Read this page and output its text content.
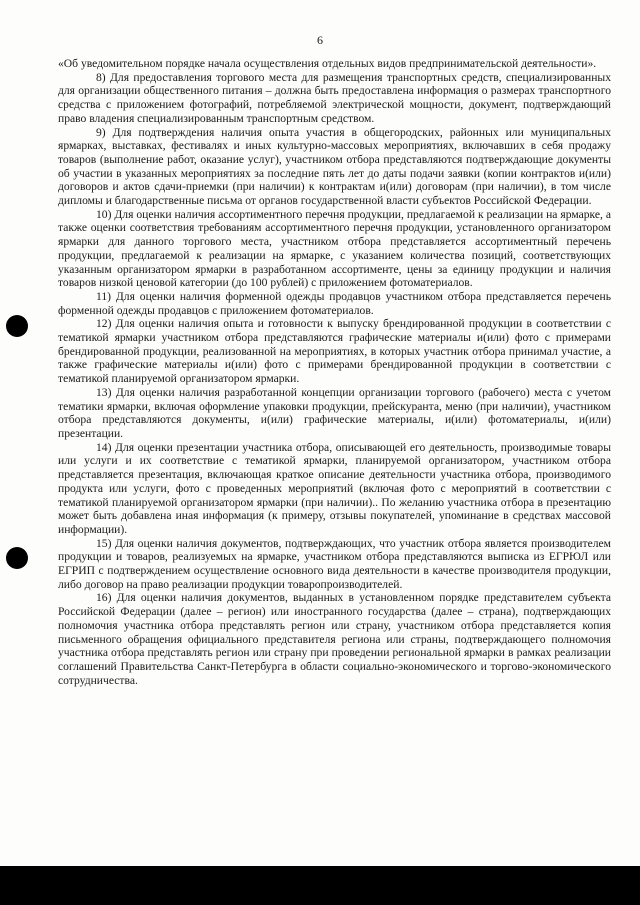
6

«Об уведомительном порядке начала осуществления отдельных видов предпринимательской деятельности».

8) Для предоставления торгового места для размещения транспортных средств, специализированных для организации общественного питания – должна быть предоставлена информация о размерах транспортного средства с приложением фотографий, потребляемой электрической мощности, документ, подтверждающий право владения специализированным транспортным средством.

9) Для подтверждения наличия опыта участия в общегородских, районных или муниципальных ярмарках, выставках, фестивалях и иных культурно-массовых мероприятиях, включавших в себя продажу товаров (выполнение работ, оказание услуг), участником отбора представляются подтверждающие документы об участии в указанных мероприятиях за последние пять лет до даты подачи заявки (копии контрактов и(или) договоров и актов сдачи-приемки (при наличии) к контрактам и(или) договорам (при наличии), в том числе дипломы и благодарственные письма от органов государственной власти субъектов Российской Федерации.

10) Для оценки наличия ассортиментного перечня продукции, предлагаемой к реализации на ярмарке, а также оценки соответствия требованиям ассортиментного перечня продукции, установленного организатором ярмарки для данного торгового места, участником отбора представляется ассортиментный перечень продукции, предлагаемой к реализации на ярмарке, с указанием количества позиций, соответствующих указанным организатором ярмарки в разработанном ассортименте, цены за единицу продукции и наличия товаров низкой ценовой категории (до 100 рублей) с приложением фотоматериалов.

11) Для оценки наличия форменной одежды продавцов участником отбора представляется перечень форменной одежды продавцов с приложением фотоматериалов.

12) Для оценки наличия опыта и готовности к выпуску брендированной продукции в соответствии с тематикой ярмарки участником отбора представляются графические материалы и(или) фото с примерами брендированной продукции, реализованной на мероприятиях, в которых участник отбора принимал участие, а также графические материалы и(или) фото с примерами брендированной продукции в соответствии с тематикой планируемой организатором ярмарки.

13) Для оценки наличия разработанной концепции организации торгового (рабочего) места с учетом тематики ярмарки, включая оформление упаковки продукции, прейскуранта, меню (при наличии), участником отбора представляются документы, и(или) графические материалы, и(или) фотоматериалы, и(или) презентации.

14) Для оценки презентации участника отбора, описывающей его деятельность, производимые товары или услуги и их соответствие с тематикой ярмарки, планируемой организатором, участником отбора представляется презентация, включающая краткое описание деятельности участника отбора, производимого продукта или услуги, фото с проведенных мероприятий (включая фото с мероприятий в соответствии с тематикой планируемой организатором ярмарки (при наличии).. По желанию участника отбора в презентацию может быть добавлена иная информация (к примеру, отзывы покупателей, упоминание в средствах массовой информации).

15) Для оценки наличия документов, подтверждающих, что участник отбора является производителем продукции и товаров, реализуемых на ярмарке, участником отбора представляются выписка из ЕГРЮЛ или ЕГРИП с подтверждением осуществление основного вида деятельности в качестве производителя продукции, либо договор на право реализации продукции товаропроизводителей.

16) Для оценки наличия документов, выданных в установленном порядке представителем субъекта Российской Федерации (далее – регион) или иностранного государства (далее – страна), подтверждающих полномочия участника отбора представлять регион или страну, участником отбора представляется копия письменного обращения официального представителя региона или страны, подтверждающего полномочия участника отбора представлять регион или страну при проведении региональной ярмарки в рамках реализации соглашений Правительства Санкт-Петербурга в области социально-экономического и торгово-экономического сотрудничества.
